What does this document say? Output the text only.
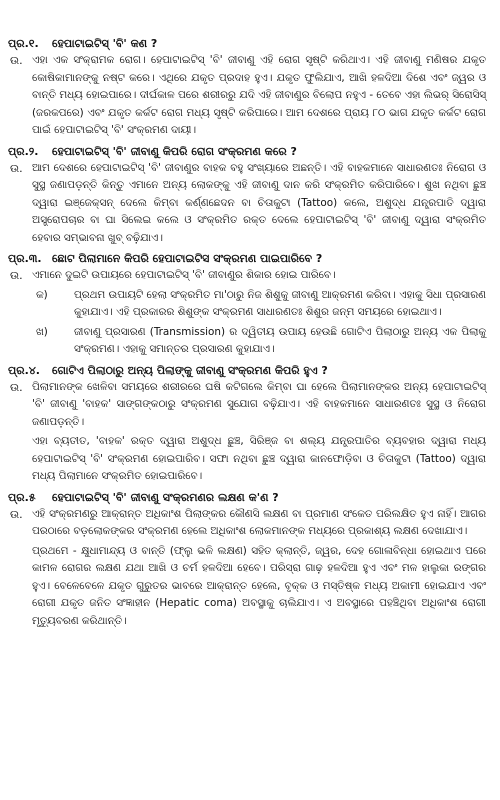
ପ୍ର.୧.	ହେପାଟାଇଟିସ୍ 'ବି' କଣ ?
ଉ. ଏହା ଏକ ସଂକ୍ରାମକ ରୋଗ। ହେପାଟାଇଟିସ୍ 'ବି' ଜୀବାଣୁ ଏହି ରୋଗ ସୃଷ୍ଟି କରିଥାଏ। ଏହି ଜୀବାଣୁ ମଣିଷର ଯକୃତ କୋଷିକାମାନଙ୍କୁ ନଷ୍ଟ କରେ। ଏଥିରେ ଯକୃତ ପ୍ରଦାହ ହୁଏ। ଯକୃତ ଫୁଲିଯାଏ, ଆଖି ହଳଦିଆ ଦିଶେ ଏବଂ ଜ୍ୱର ଓ ବାନ୍ତି ମଧ୍ୟ ହୋଇପାରେ। ଦୀର୍ଘକାଳ ପରେ ଶରୀରରୁ ଯଦି ଏହି ଜୀବାଣୁର ବିଲୋପ ନହୁଏ - ତେବେ ଏହା ଲିଭର୍ ସିରୋସିସ୍ (ଜରକପରେ) ଏବଂ ଯକୃତ କର୍କଟ ରୋଗ ମଧ୍ୟ ସୃଷ୍ଟି କରିପାରେ। ଆମ ଦେଶରେ ପ୍ରାୟ ୮୦ ଭାଗ ଯକୃତ କର୍କଟ ରୋଗ ପାଇଁ ହେପାଟାଇଟିସ୍ 'ବି' ସଂକ୍ରମଣ ଦାୟୀ।

ପ୍ର.୨.	ହେପାଟାଇଟିସ୍ 'ବି' ଜୀବାଣୁ କିପରି ରୋଗ ସଂକ୍ରମଣ କରେ ?
ଉ. ଆମ ଦେଶରେ ହେପାଟାଇଟିସ୍ 'ବି' ଜୀବାଣୁର ବାହକ ବହୁ ସଂଖ୍ୟାରେ ଅଛନ୍ତି। ଏହି ବାହକମାନେ ସାଧାରଣତଃ ନିରୋଗ ଓ ସୁସ୍ଥ ଜଣାପଡ଼ନ୍ତି କିନ୍ତୁ ଏମାନେ ଅନ୍ୟ ଲୋକଙ୍କୁ ଏହି ଜୀବାଣୁ ଦାନ କରି ସଂକ୍ରମିତ କରିପାରିବେ। ଶୁଖ ନଥିବା ଛୁଞ୍ଚ ଦ୍ୱାରା ଇଞ୍ଜେକ୍ସନ୍ ଦେଲେ କିମ୍ବା କର୍ଣ୍ଣଛେଦନ ବା ଚିତାକୁଟା (Tattoo) କଲେ, ଅଶୁଦ୍ଧ ଯନ୍ତ୍ରପାତି ଦ୍ୱାରା ଅସ୍ତ୍ରୋପଚାର ବା ଘା ସିଲେଇ କଲେ ଓ ସଂକ୍ରମିତ ରକ୍ତ ଦେଲେ ହେପାଟାଇଟିସ୍ 'ବି' ଜୀବାଣୁ ଦ୍ୱାରା ସଂକ୍ରମିତ ହେବାର ସମ୍ଭାବନା ଖୁବ୍ ବଢ଼ିଯାଏ।

ପ୍ର.୩. ଛୋଟ ପିଲାମାନେ କିପରି ହେପାଟାଇଟିସ ସଂକ୍ରମଣ ପାଇପାରିବେ ?
ଉ. ଏମାନେ ଦୁଇଟି ଉପାୟରେ ହେପାଟାଇଟିସ୍ 'ବି' ଜୀବାଣୁର ଶିକାର ହୋଇ ପାରିବେ।

କ)	ପ୍ରଥମ ଉପାୟଟି ହେଲା ସଂକ୍ରମିତ ମା'ଠାରୁ ନିଜ ଶିଶୁକୁ ଜୀବାଣୁ ଆକ୍ରମଣ କରିବା। ଏହାକୁ ସିଧା ପ୍ରସାରଣ କୁହାଯାଏ। ଏହି ପ୍ରକାରର ଶିଶୁଙ୍କ ସଂକ୍ରମଣ ସାଧାରଣତଃ ଶିଶୁର ଜନ୍ମ ସମୟରେ ହୋଇଥାଏ।

ଖ)	ଜୀବାଣୁ ପ୍ରସାରଣ (Transmission) ର ଦ୍ୱିତୀୟ ଉପାୟ ହେଉଛି ଗୋଟିଏ ପିଲାଠାରୁ ଅନ୍ୟ ଏକ ପିଲାକୁ ସଂକ୍ରମଣ। ଏହାକୁ ସମାନ୍ତର ପ୍ରସାରଣ କୁହାଯାଏ।

ପ୍ର.୪.	ଗୋଟିଏ ପିଲାଠାରୁ ଅନ୍ୟ ପିଲାଙ୍କୁ ଜୀବାଣୁ ସଂକ୍ରମଣ କିପରି ହୁଏ ?
ଉ. ପିଲାମାନଙ୍କ ଖେଳିବା ସମୟରେ ଶରୀରରେ ଘଷି କଟିଗଲେ କିମ୍ବା ଘା ହେଲେ ପିଲାମାନଙ୍କର ଅନ୍ୟ ହେପାଟାଇଟିସ୍ 'ବି' ଜୀବାଣୁ 'ବାହକ' ସାଙ୍ଗଙ୍କଠାରୁ ସଂକ୍ରମଣ ସୁଯୋଗ ବଢ଼ିଯାଏ। ଏହି ବାହକମାନେ ସାଧାରଣତଃ ସୁସ୍ଥ ଓ ନିରୋଗ ଜଣାପଡ଼ନ୍ତି।

ଏହା ବ୍ୟତୀତ, 'ବାହକ' ରକ୍ତ ଦ୍ୱାରା ଅଶୁଦ୍ଧ ଛୁଞ୍ଚ, ସିରିଞ୍ଜ ବା ଶଲ୍ୟ ଯନ୍ତ୍ରପାତିର ବ୍ୟବହାର ଦ୍ୱାରା ମଧ୍ୟ ହେପାଟାଇଟିସ୍ 'ବି' ସଂକ୍ରମଣ ହୋଇପାରିବ। ସଫା ନଥିବା ଛୁଞ୍ଚ ଦ୍ୱାରା କାନଫୋଡ଼ିବା ଓ ଚିତାକୁଟା (Tattoo) ଦ୍ୱାରା ମଧ୍ୟ ପିଲାମାନେ ସଂକ୍ରମିତ ହୋଇପାରିବେ।

ପ୍ର.୫	ହେପାଟାଇଟିସ୍ 'ବି' ଜୀବାଣୁ ସଂକ୍ରମଣର ଲକ୍ଷଣ କ'ଣ ?
ଉ. ଏହି ସଂକ୍ରମଣରୁ ଆକ୍ରାନ୍ତ ଅଧିକାଂଶ ପିଲାଙ୍କର କୌଣସି ଲକ୍ଷଣ ବା ପ୍ରମାଣ ସଂକେତ ପରିଲକ୍ଷିତ ହୁଏ ନାହିଁ। ଆଗର ପରଠାରେ ବଡ଼ଲୋକଙ୍କର ସଂକ୍ରମଣ ହେଲେ ଅଧିକାଂଶ ଲୋକମାନଙ୍କ ମଧ୍ୟରେ ପ୍ରକାଶ୍ୟ ଲକ୍ଷଣ ଦେଖାଯାଏ।

ପ୍ରଥମେ - କ୍ଷୁଧାମାନ୍ଦ୍ୟ ଓ ବାନ୍ତି (ଫ୍ଲୁ ଭଳି ଲକ୍ଷଣ) ସହିତ କ୍ଲାନ୍ତି, ଜ୍ୱର, ଦେହ ଗୋଳାବିନ୍ଧା ହୋଇଥାଏ ପରେ କାମଳ ରୋଗର ଲକ୍ଷଣ ଯଥା ଆଖି ଓ ଚର୍ମ ହଳଦିଆ ହେବେ। ପରିସ୍ରା ଗାଢ଼ ହଳଦିଆ ହୁଏ ଏବଂ ମଳ ହାଲୁକା ରଙ୍ଗର ହୁଏ। ବେଳେବେଳେ ଯକୃତ ଗୁରୁତର ଭାବରେ ଆକ୍ରାନ୍ତ ହେଲେ, ବୃକ୍କ ଓ ମସ୍ତିଷ୍କ ମଧ୍ୟ ଅକାମୀ ହୋଇଯାଏ ଏବଂ ରୋଗୀ ଯକୃତ ଜନିତ ସଂଜ୍ଞାହୀନ (Hepatic coma) ଅବସ୍ଥାକୁ ଚାଲିଯାଏ। ଏ ଅବସ୍ଥାରେ ପହଞ୍ଚିଥିବା ଅଧିକାଂଶ ରୋଗୀ ମୃତ୍ୟୁବରଣ କରିଥାନ୍ତି।
